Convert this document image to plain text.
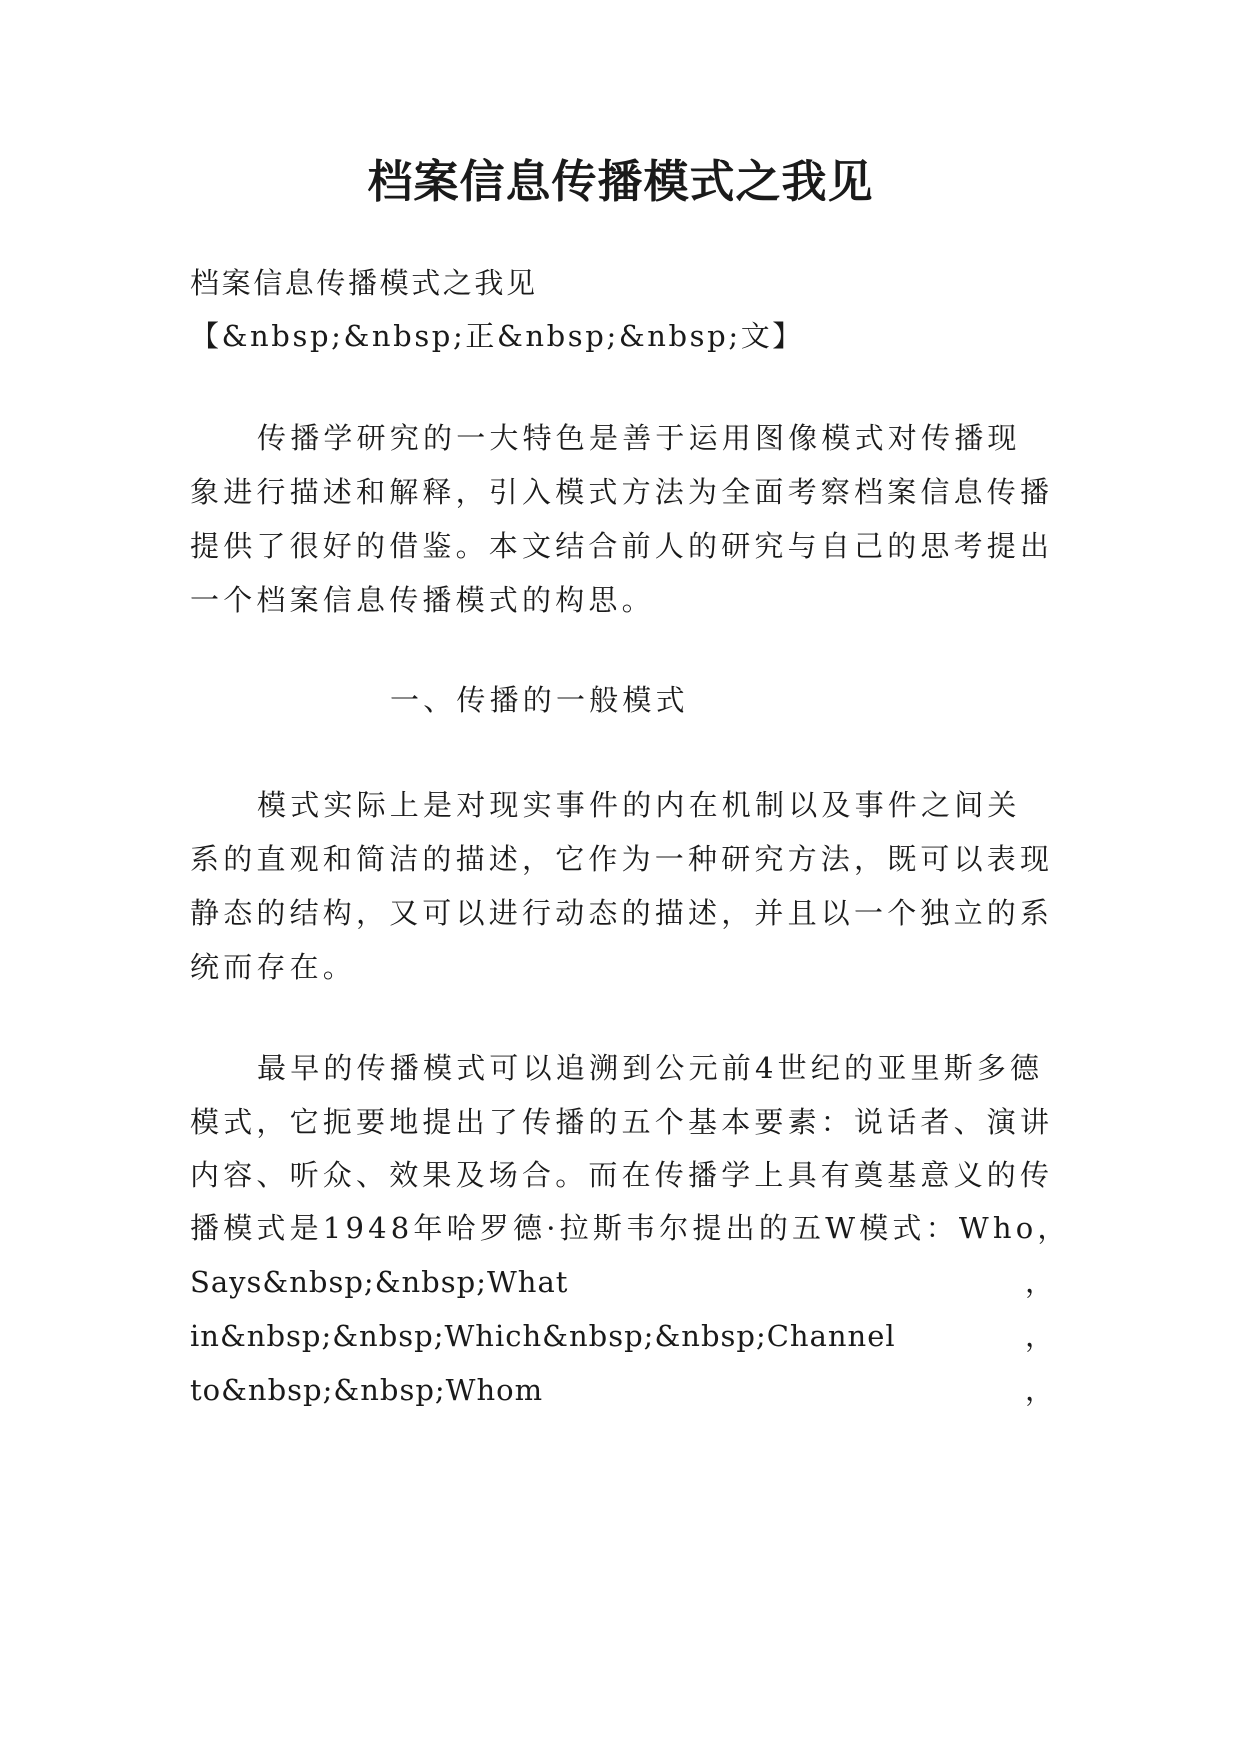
档案信息传播模式之我见
档案信息传播模式之我见
【&nbsp;&nbsp;正&nbsp;&nbsp;文】
传播学研究的一大特色是善于运用图像模式对传播现
象进行描述和解释，引入模式方法为全面考察档案信息传播
提供了很好的借鉴。本文结合前人的研究与自己的思考提出
一个档案信息传播模式的构思。
一、传播的一般模式
模式实际上是对现实事件的内在机制以及事件之间关
系的直观和简洁的描述，它作为一种研究方法，既可以表现
静态的结构，又可以进行动态的描述，并且以一个独立的系
统而存在。
最早的传播模式可以追溯到公元前4世纪的亚里斯多德
模式，它扼要地提出了传播的五个基本要素：说话者、演讲
内容、听众、效果及场合。而在传播学上具有奠基意义的传
播模式是1948年哈罗德·拉斯韦尔提出的五W模式：Who，
Says&nbsp;&nbsp;What	，
in&nbsp;&nbsp;Which&nbsp;&nbsp;Channel	，
to&nbsp;&nbsp;Whom	，
